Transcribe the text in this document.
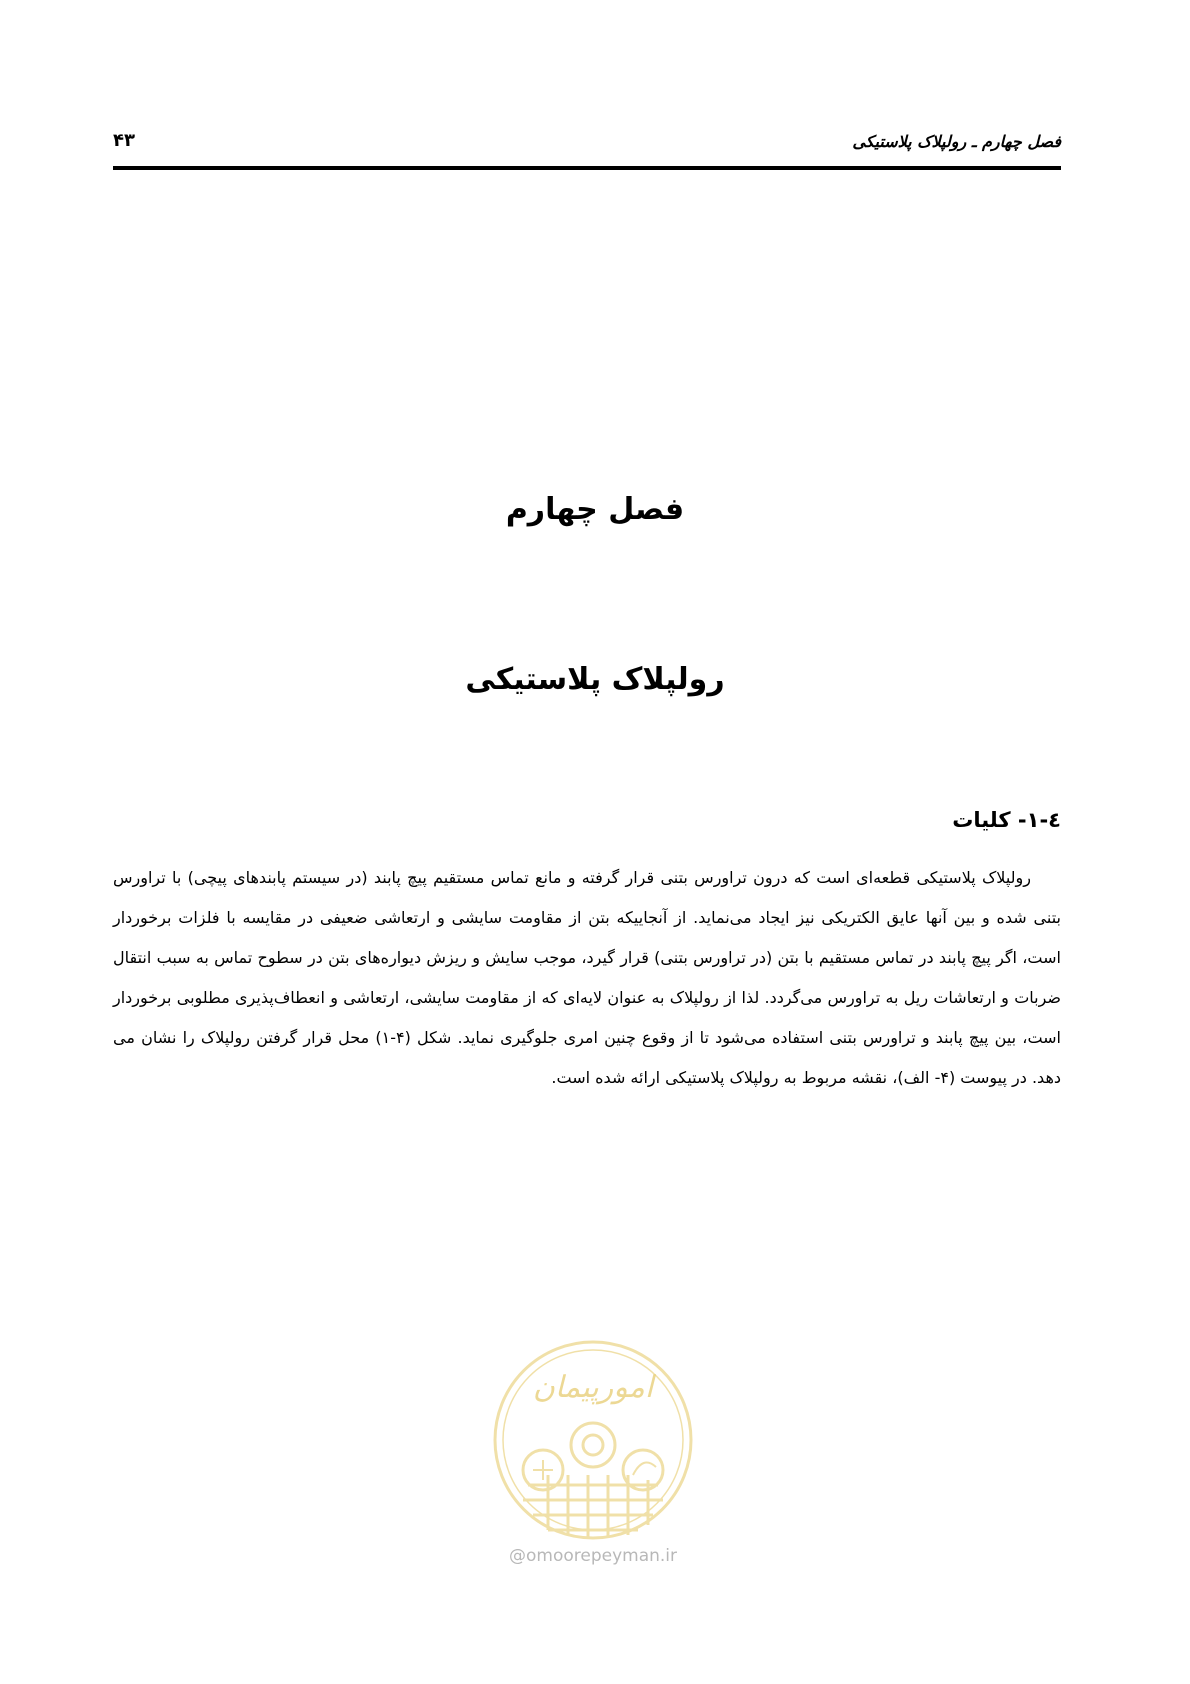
فصل چهارم ـ رولپلاک پلاستیکی
۴۳
فصل چهارم
رولپلاک پلاستیکی
٤-١- کلیات
رولپلاک پلاستیکی قطعه‌ای است که درون تراورس بتنی قرار گرفته و مانع تماس مستقیم پیچ پابند (در سیستم پابندهای پیچی) با تراورس بتنی شده و بین آنها عایق الکتریکی نیز ایجاد می‌نماید. از آنجاییکه بتن از مقاومت سایشی و ارتعاشی ضعیفی در مقایسه با فلزات برخوردار است، اگر پیچ پابند در تماس مستقیم با بتن (در تراورس بتنی) قرار گیرد، موجب سایش و ریزش دیواره‌های بتن در سطوح تماس به سبب انتقال ضربات و ارتعاشات ریل به تراورس می‌گردد. لذا از رولپلاک به عنوان لایه‌ای که از مقاومت سایشی، ارتعاشی و انعطاف‌پذیری مطلوبی برخوردار است، بین پیچ پابند و تراورس بتنی استفاده می‌شود تا از وقوع چنین امری جلوگیری نماید. شکل (۴-۱) محل قرار گرفتن رولپلاک را نشان می دهد. در پیوست (۴- الف)، نقشه مربوط به رولپلاک پلاستیکی ارائه شده است.
امورپیمان
@omoorepeyman.ir
